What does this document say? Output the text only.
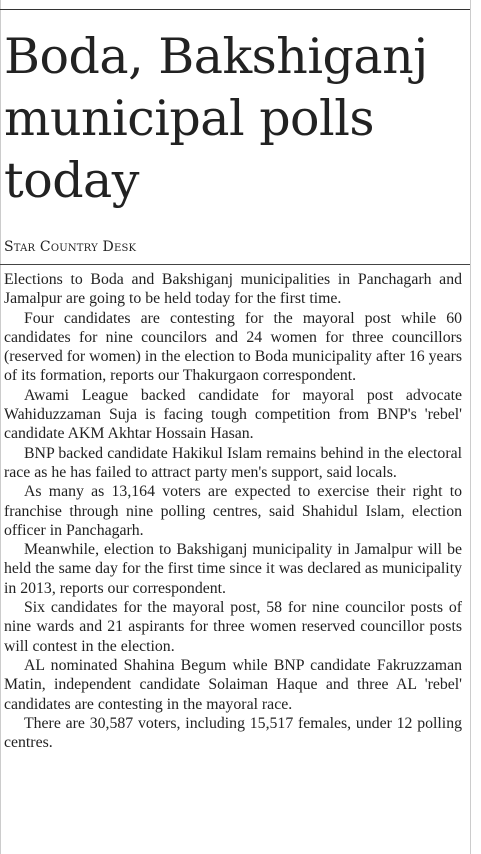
Boda, Bakshiganj municipal polls today
Star Country Desk

Elections to Boda and Bakshiganj municipalities in Panchagarh and Jamalpur are going to be held today for the first time.

Four candidates are contesting for the mayoral post while 60 candidates for nine councilors and 24 women for three councillors (reserved for women) in the election to Boda municipality after 16 years of its formation, reports our Thakurgaon correspondent.

Awami League backed candidate for mayoral post advocate Wahiduzzaman Suja is facing tough competition from BNP's 'rebel' candidate AKM Akhtar Hossain Hasan.

BNP backed candidate Hakikul Islam remains behind in the electoral race as he has failed to attract party men's support, said locals.

As many as 13,164 voters are expected to exercise their right to franchise through nine polling centres, said Shahidul Islam, election officer in Panchagarh.

Meanwhile, election to Bakshiganj municipality in Jamalpur will be held the same day for the first time since it was declared as municipality in 2013, reports our correspondent.

Six candidates for the mayoral post, 58 for nine councilor posts of nine wards and 21 aspirants for three women reserved councillor posts will contest in the election.

AL nominated Shahina Begum while BNP candidate Fakruzzaman Matin, independent candidate Solaiman Haque and three AL 'rebel' candidates are contesting in the mayoral race.

There are 30,587 voters, including 15,517 females, under 12 polling centres.
